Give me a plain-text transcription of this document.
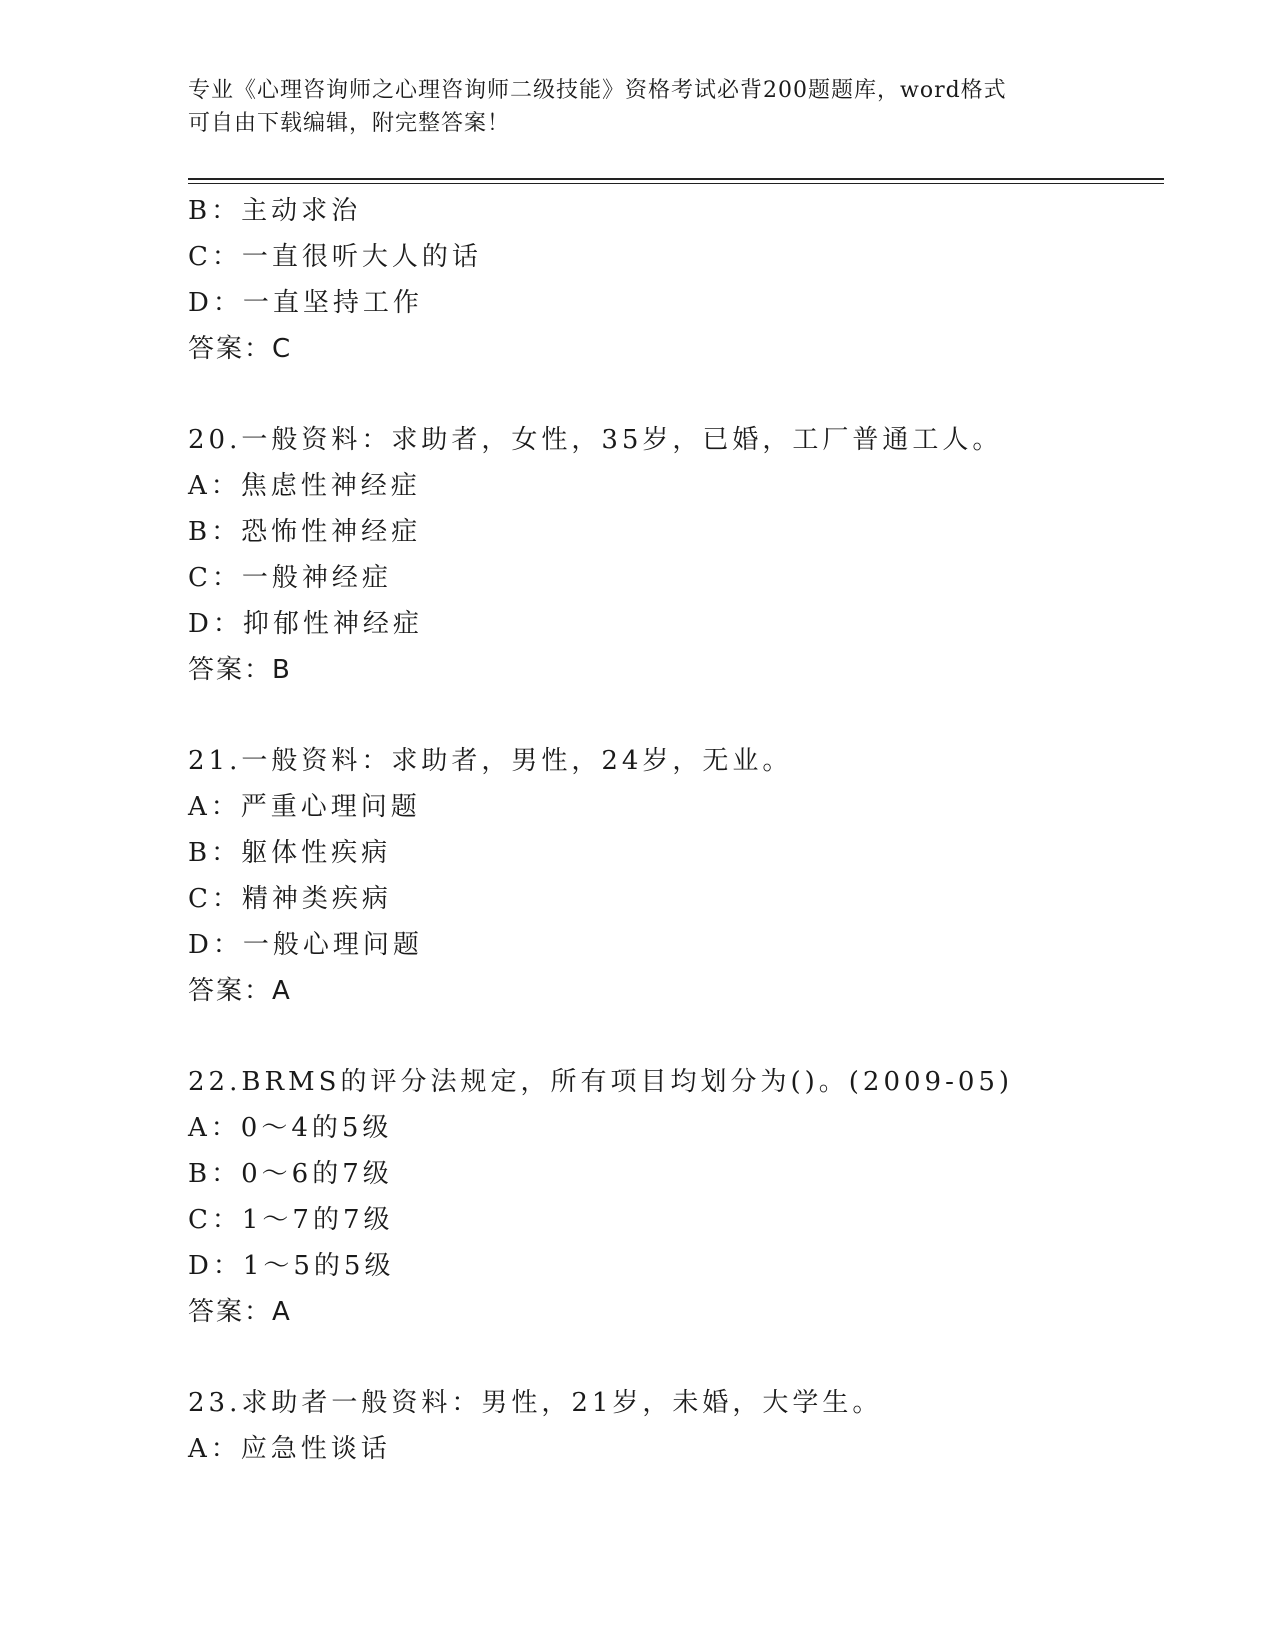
专业《心理咨询师之心理咨询师二级技能》资格考试必背200题题库，word格式
可自由下载编辑，附完整答案！
B：主动求治
C：一直很听大人的话
D：一直坚持工作
答案：C
20.一般资料：求助者，女性，35岁，已婚，工厂普通工人。
A：焦虑性神经症
B：恐怖性神经症
C：一般神经症
D：抑郁性神经症
答案：B
21.一般资料：求助者，男性，24岁，无业。
A：严重心理问题
B：躯体性疾病
C：精神类疾病
D：一般心理问题
答案：A
22.BRMS的评分法规定，所有项目均划分为()。(2009-05)
A：0～4的5级
B：0～6的7级
C：1～7的7级
D：1～5的5级
答案：A
23.求助者一般资料：男性，21岁，未婚，大学生。
A：应急性谈话
